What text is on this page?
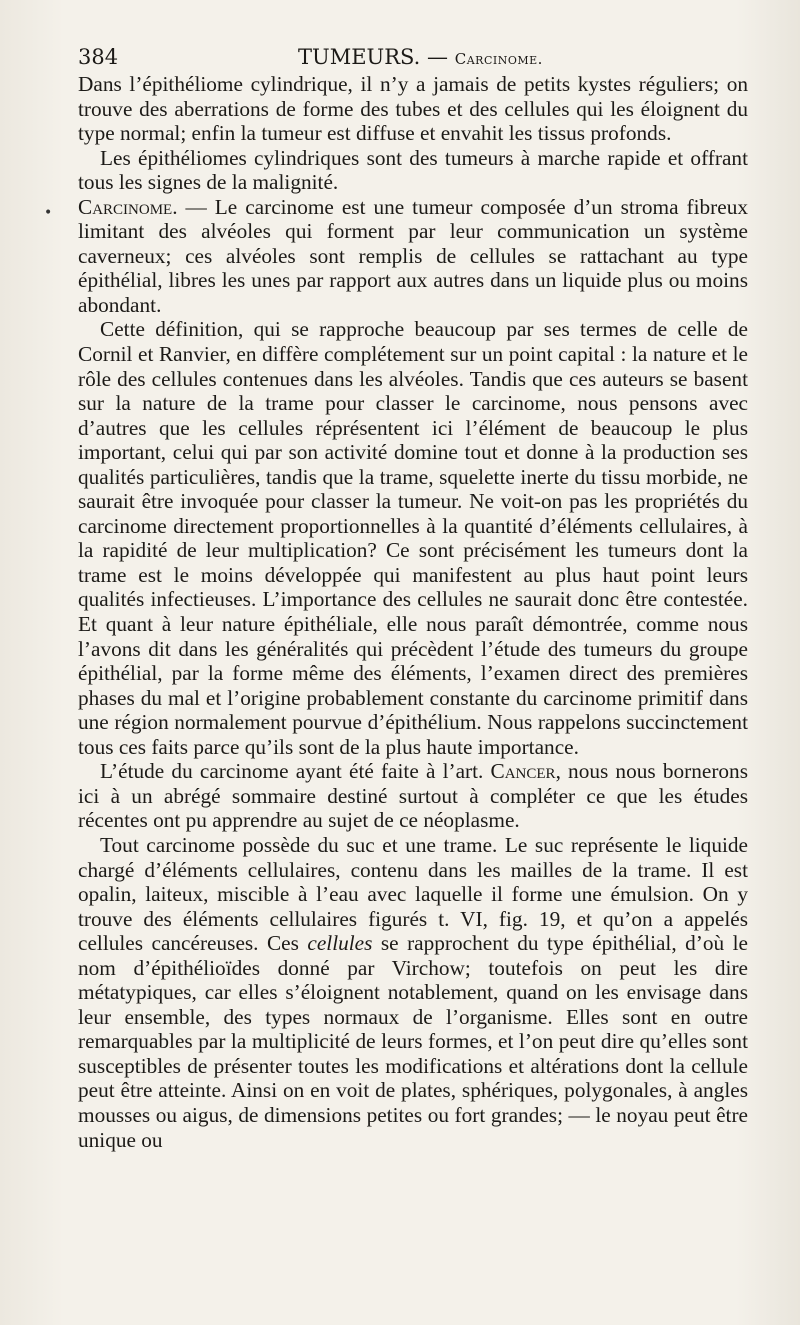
384	TUMEURS. — Carcinome.
•

Dans l’épithéliome cylindrique, il n’y a jamais de petits kystes réguliers; on trouve des aberrations de forme des tubes et des cellules qui les éloignent du type normal; enfin la tumeur est diffuse et envahit les tissus profonds.

Les épithéliomes cylindriques sont des tumeurs à marche rapide et offrant tous les signes de la malignité.

Carcinome. — Le carcinome est une tumeur composée d’un stroma fibreux limitant des alvéoles qui forment par leur communication un système caverneux; ces alvéoles sont remplis de cellules se rattachant au type épithélial, libres les unes par rapport aux autres dans un liquide plus ou moins abondant.

Cette définition, qui se rapproche beaucoup par ses termes de celle de Cornil et Ranvier, en diffère complétement sur un point capital : la nature et le rôle des cellules contenues dans les alvéoles. Tandis que ces auteurs se basent sur la nature de la trame pour classer le carcinome, nous pensons avec d’autres que les cellules réprésentent ici l’élément de beaucoup le plus important, celui qui par son activité domine tout et donne à la production ses qualités particulières, tandis que la trame, squelette inerte du tissu morbide, ne saurait être invoquée pour classer la tumeur. Ne voit-on pas les propriétés du carcinome directement proportionnelles à la quantité d’éléments cellulaires, à la rapidité de leur multiplication? Ce sont précisément les tumeurs dont la trame est le moins développée qui manifestent au plus haut point leurs qualités infectieuses. L’importance des cellules ne saurait donc être contestée. Et quant à leur nature épithéliale, elle nous paraît démontrée, comme nous l’avons dit dans les généralités qui précèdent l’étude des tumeurs du groupe épithélial, par la forme même des éléments, l’examen direct des premières phases du mal et l’origine probablement constante du carcinome primitif dans une région normalement pourvue d’épithélium. Nous rappelons succinctement tous ces faits parce qu’ils sont de la plus haute importance.

L’étude du carcinome ayant été faite à l’art. Cancer, nous nous bornerons ici à un abrégé sommaire destiné surtout à compléter ce que les études récentes ont pu apprendre au sujet de ce néoplasme.

Tout carcinome possède du suc et une trame. Le suc représente le liquide chargé d’éléments cellulaires, contenu dans les mailles de la trame. Il est opalin, laiteux, miscible à l’eau avec laquelle il forme une émulsion. On y trouve des éléments cellulaires figurés t. VI, fig. 19, et qu’on a appelés cellules cancéreuses. Ces cellules se rapprochent du type épithélial, d’où le nom d’épithélioïdes donné par Virchow; toutefois on peut les dire métatypiques, car elles s’éloignent notablement, quand on les envisage dans leur ensemble, des types normaux de l’organisme. Elles sont en outre remarquables par la multiplicité de leurs formes, et l’on peut dire qu’elles sont susceptibles de présenter toutes les modifications et altérations dont la cellule peut être atteinte. Ainsi on en voit de plates, sphériques, polygonales, à angles mousses ou aigus, de dimensions petites ou fort grandes; — le noyau peut être unique ou
